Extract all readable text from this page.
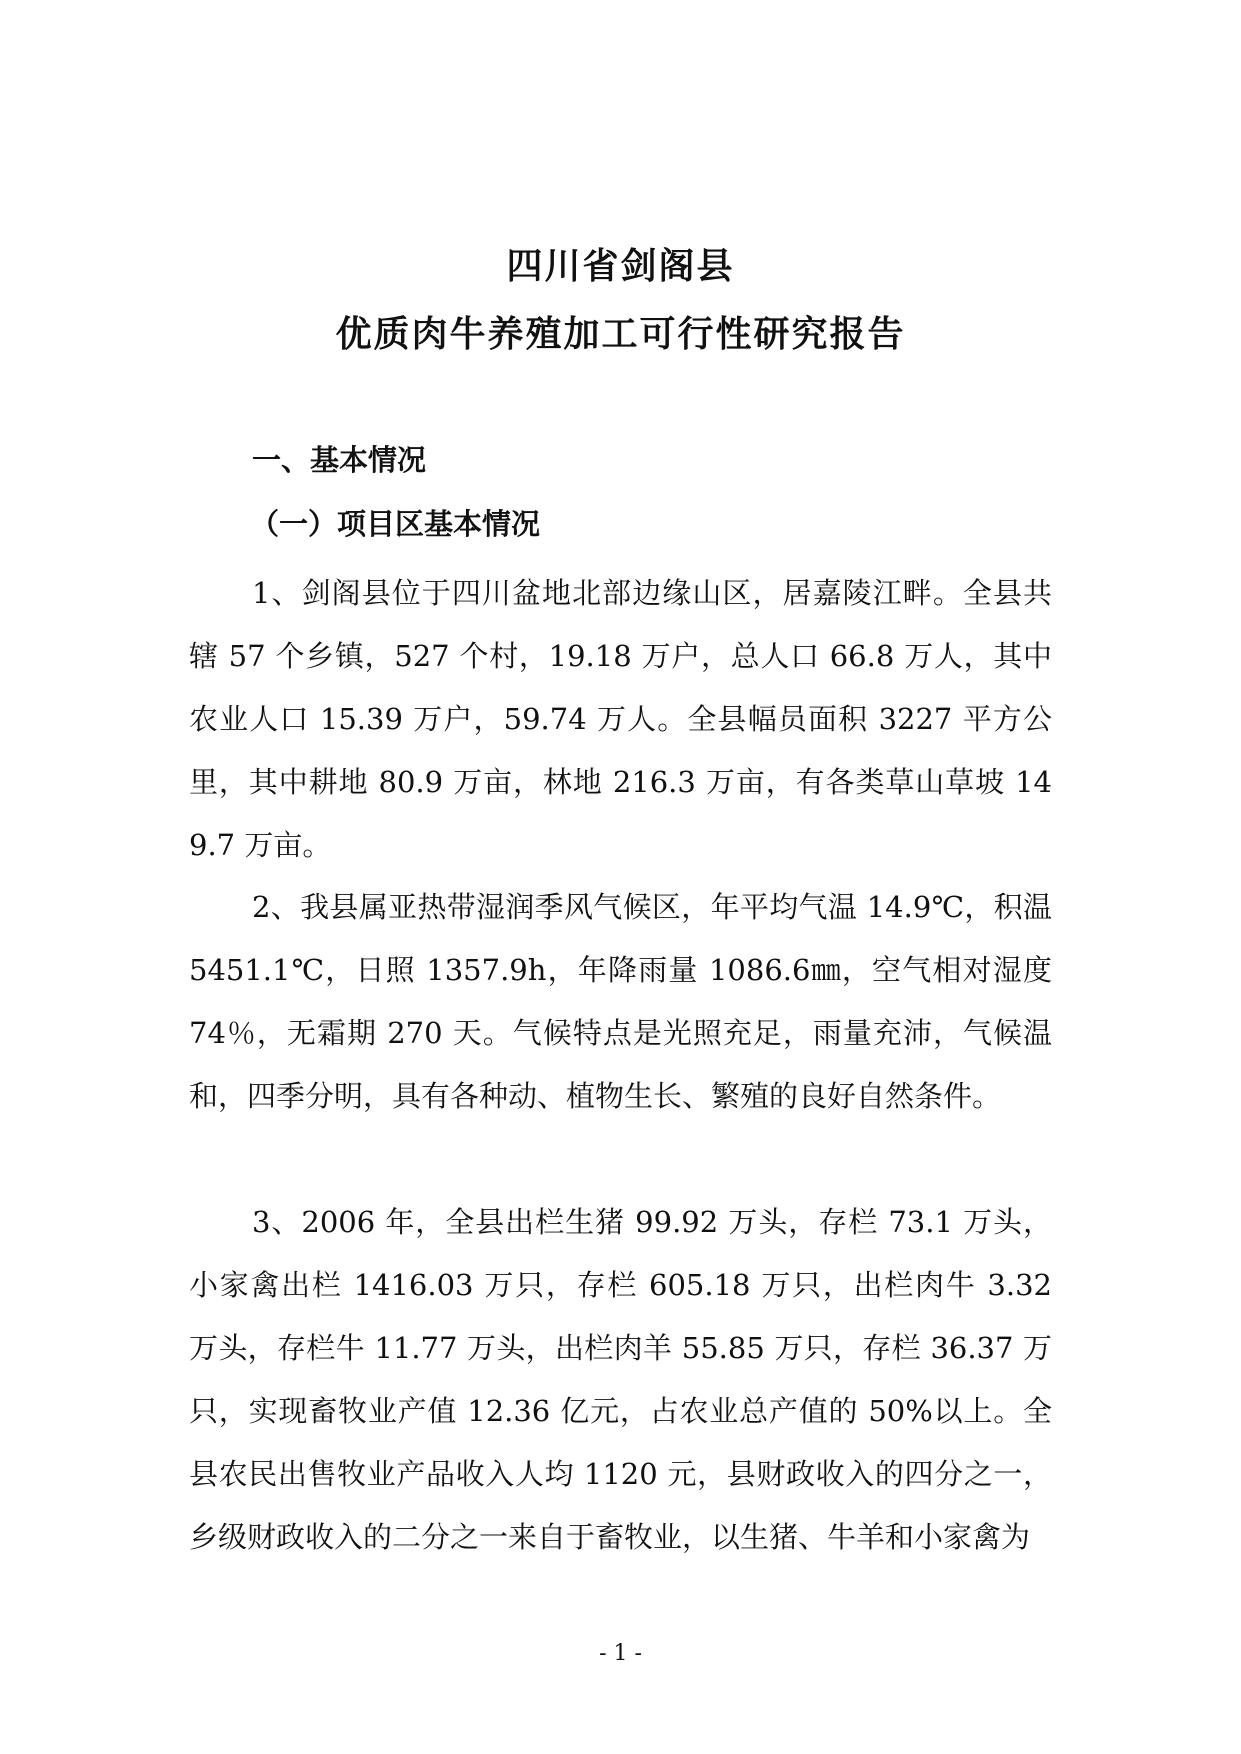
四川省剑阁县
优质肉牛养殖加工可行性研究报告
一、基本情况
（一）项目区基本情况

1、剑阁县位于四川盆地北部边缘山区，居嘉陵江畔。全县共辖 57 个乡镇，527 个村，19.18 万户，总人口 66.8 万人，其中农业人口 15.39 万户，59.74 万人。全县幅员面积 3227 平方公里，其中耕地 80.9 万亩，林地 216.3 万亩，有各类草山草坡 149.7 万亩。

2、我县属亚热带湿润季风气候区，年平均气温 14.9℃，积温 5451.1℃，日照 1357.9h，年降雨量 1086.6㎜，空气相对湿度 74％，无霜期 270 天。气候特点是光照充足，雨量充沛，气候温和，四季分明，具有各种动、植物生长、繁殖的良好自然条件。

3、2006 年，全县出栏生猪 99.92 万头，存栏 73.1 万头，小家禽出栏 1416.03 万只，存栏 605.18 万只，出栏肉牛 3.32 万头，存栏牛 11.77 万头，出栏肉羊 55.85 万只，存栏 36.37 万只，实现畜牧业产值 12.36 亿元，占农业总产值的 50%以上。全县农民出售牧业产品收入人均 1120 元，县财政收入的四分之一，乡级财政收入的二分之一来自于畜牧业，以生猪、牛羊和小家禽为

- 1 -
